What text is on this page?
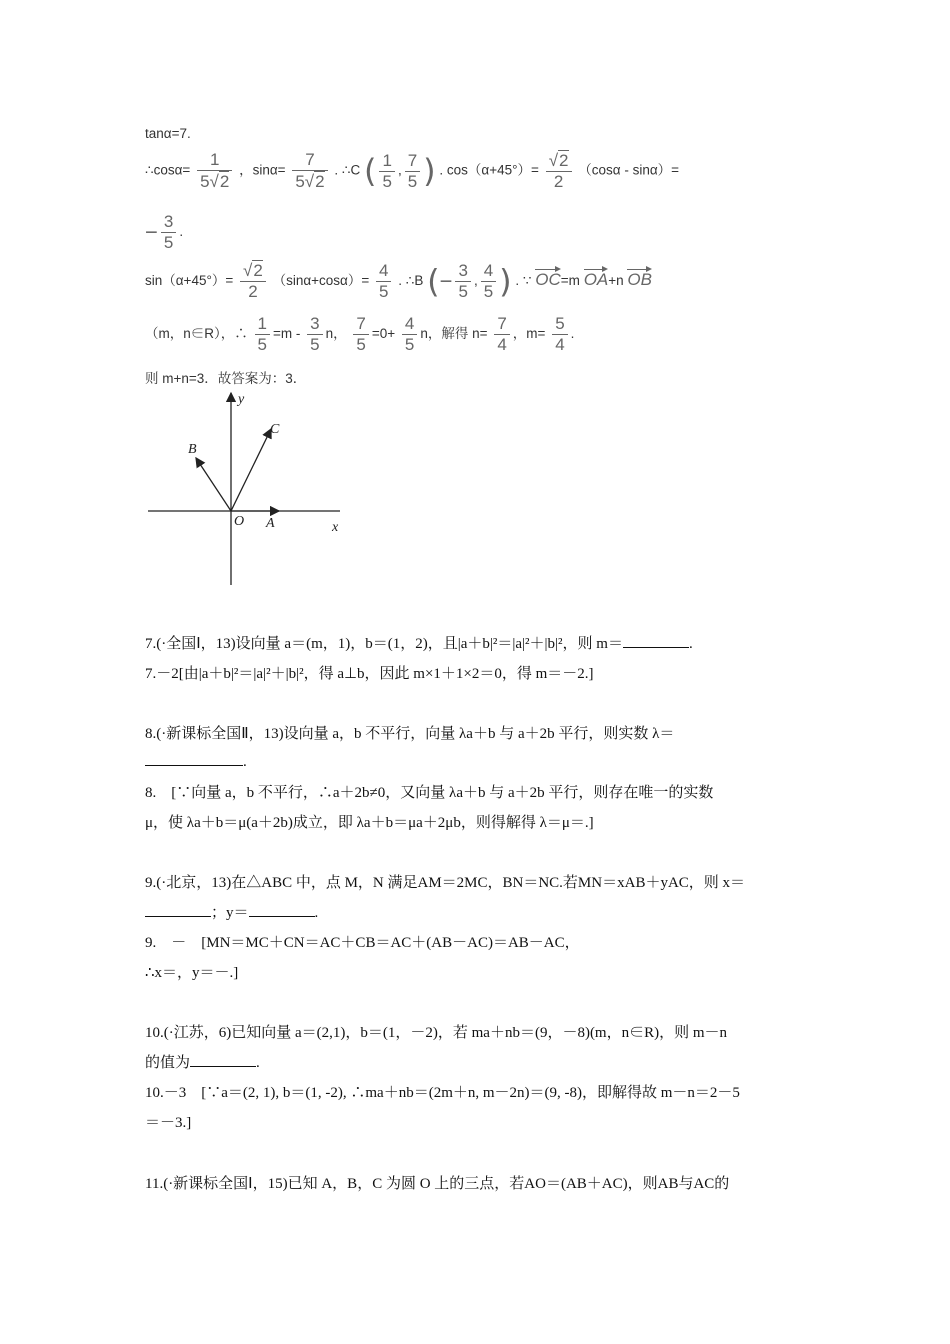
tanα=7.
∴cosα= $\frac{1}{5√2}$ ，$\sin\alpha= \frac{7}{5√2}$ . ∴C ( $\frac{1}{5}$ , $\frac{7}{5}$ ) . $\cos(\alpha+45^\circ)= \frac{√2}{2} (\cos\alpha - \sin\alpha)=$
− $\frac{3}{5}$ .
$\sin(\alpha+45^\circ)= \frac{√2}{2} (\sin\alpha+\cos\alpha)= \frac{4}{5}$ . ∴B (− $\frac{3}{5}$ , $\frac{4}{5}$ ) . ∵ OC=m OA+n OB
（m，n∈R），∴ $\frac{1}{5} =m - \frac{3}{5}$ n， $\frac{7}{5} =0+ \frac{4}{5}$ n，解得 $n= \frac{7}{4}$ ，$m= \frac{5}{4}$ .
则 m+n=3．故答案为：3．
y
C
B
O A	x
7.(·全国Ⅰ，13)设向量 a＝(m，1)，b＝(1，2)，且|a＋b|²＝|a|²＋|b|²，则 m＝	.
7.－2[由|a＋b|²＝|a|²＋|b|²，得 a⊥b，因此 m×1＋1×2＝0，得 m＝－2.]
8.(·新课标全国Ⅱ，13)设向量 a，b 不平行，向量 λa＋b 与 a＋2b 平行，则实数 λ＝
.
8.　[∵向量 a，b 不平行，∴a＋2b≠0，又向量 λa＋b 与 a＋2b 平行，则存在唯一的实数
μ，使 λa＋b＝μ(a＋2b)成立，即 λa＋b＝μa＋2μb，则得解得 λ＝μ＝.]
9.(·北京，13)在△ABC 中，点 M，N 满足AM＝2MC，BN＝NC.若MN＝xAB＋yAC，则 x＝
；y＝	.
9.　－　[MN＝MC＋CN＝AC＋CB＝AC＋(AB－AC)＝AB－AC，
∴x＝，y＝－.]
10.(·江苏，6)已知向量 a＝(2,1)，b＝(1，－2)，若 ma＋nb＝(9，－8)(m，n∈R)，则 m－n
的值为	.
10.－3　[∵a＝(2, 1), b＝(1, -2), ∴ma＋nb＝(2m＋n, m－2n)＝(9, -8)，即解得故 m－n＝2－5
＝－3.]
11.(·新课标全国Ⅰ，15)已知 A，B，C 为圆 O 上的三点，若AO＝(AB＋AC)，则AB与AC的
